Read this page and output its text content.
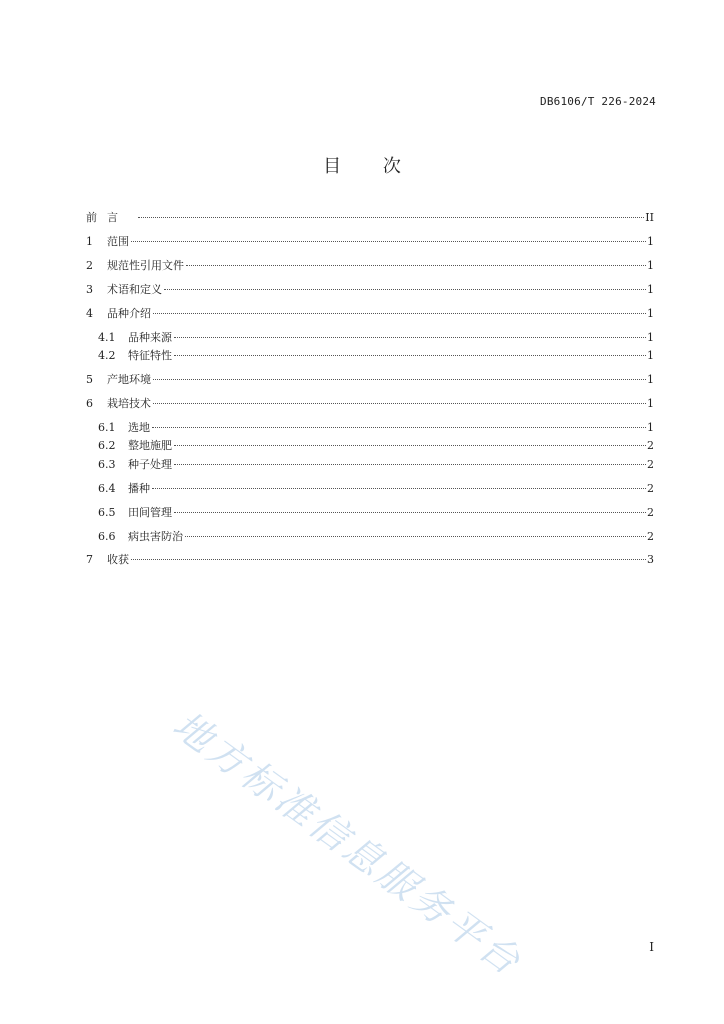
DB6106/T 226-2024
目 次
前 言	II
1	范围	1
2	规范性引用文件	1
3	术语和定义	1
4	品种介绍	1
4.1	品种来源	1
4.2	特征特性	1
5	产地环境	1
6	栽培技术	1
6.1	选地	1
6.2	整地施肥	2
6.3	种子处理	2
6.4	播种	2
6.5	田间管理	2
6.6	病虫害防治	2
7	收获	3
地方标准信息服务平台	I
